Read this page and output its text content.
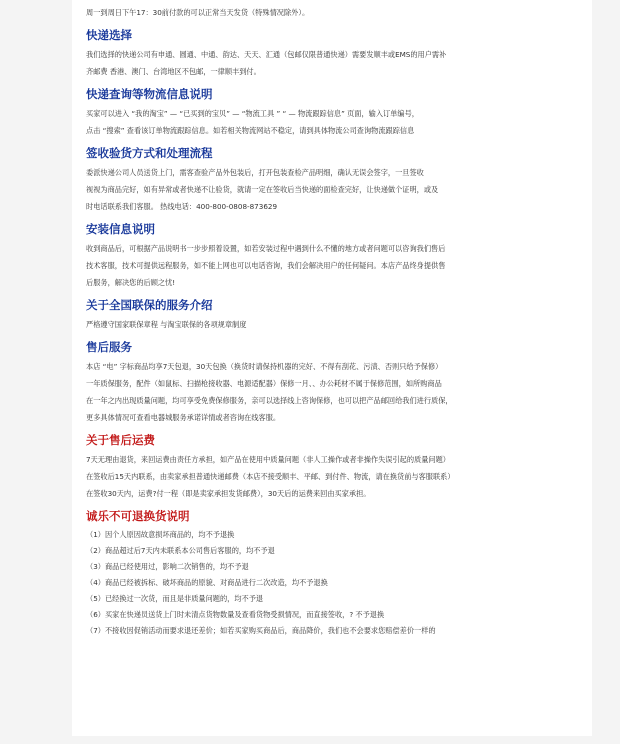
周一到周日下午17：30前付款的可以正常当天发货（特殊情况除外）。

快递选择

我们选择的快递公司有申通、圆通、中通、韵达、天天、汇通（包邮仅限普通快递）需要发顺丰或EMS的用户需补

齐邮费 香港、澳门、台湾地区不包邮，一律顺丰到付。

快递查询等物流信息说明

买家可以进入 “我的淘宝” — “已买到的宝贝” — “物流工具 ” “ — 物流跟踪信息” 页面，输入订单编号，

点击 “搜索” 查看该订单物流跟踪信息。如若相关物流网站不稳定，请到具体物流公司查询物流跟踪信息

签收验货方式和处理流程

委派快递公司人员送货上门，需客查验产品外包装后，打开包装查检产品明细，确认无误会签字，一旦签收

视视为商品完好，如有异常或者快递不让验货，就请一定在签收后当快递的面检查完好，让快递做个证明，或及

时电话联系我们客服。 热线电话：400-800-0808-873629

安装信息说明

收到商品后，可根据产品说明书一步步照着设置，如若安装过程中遇到什么不懂的地方或者问题可以咨询我们售后

技术客服，技术可提供远程服务，如不能上网也可以电话咨询，我们会解决用户的任何疑问。本店产品终身提供售

后服务，解决您的后顾之忧!

关于全国联保的服务介绍

严格遵守国家联保章程 与淘宝联保的各项规章制度

售后服务

本店 “电” 字标商品均享7天包退，30天包换（换货时请保持机器的完好、不得有刮花、污渍、否则只给予保修）

一年质保服务，配件（如鼠标、扫描枪接收器、电源适配器）保修一月、、办公耗材不属于保修范围，如所购商品

在一年之内出现质量问题，均可享受免费保修服务，亲可以选择线上咨询保修，也可以把产品邮回给我们进行质保，

更多具体情况可查看电器城服务承诺详情或者咨询在线客服。

关于售后运费

7天无理由退货，来回运费由责任方承担，如产品在使用中质量问题（非人工操作或者非操作失误引起的质量问题）

在签收后15天内联系，由卖家承担普通快递邮费（本店不接受顺丰、平邮、到付件、物流，请在换货前与客服联系）

在签收30天内，运费?付一程（即是卖家承担发货邮费），30天后的运费来回由买家承担。

诚乐不可退换货说明

（1）因个人原因故意损坏商品的，均不予退换

（2）商品超过后7天内未联系本公司售后客服的，均不予退

（3）商品已经使用过，影响二次销售的，均不予退

（4）商品已经被拆标、破坏商品的原貌、对商品进行二次改造，均不予退换

（5）已经换过一次货，而且是非质量问题的，均不予退

（6）买家在快递员送货上门时未清点货物数量及查看货物受损情况，而直接签收，? 不予退换

（7）不接收因促销活动而要求退还差价；如若买家购买商品后，商品降价，我们也不会要求您赔偿差价一样的
